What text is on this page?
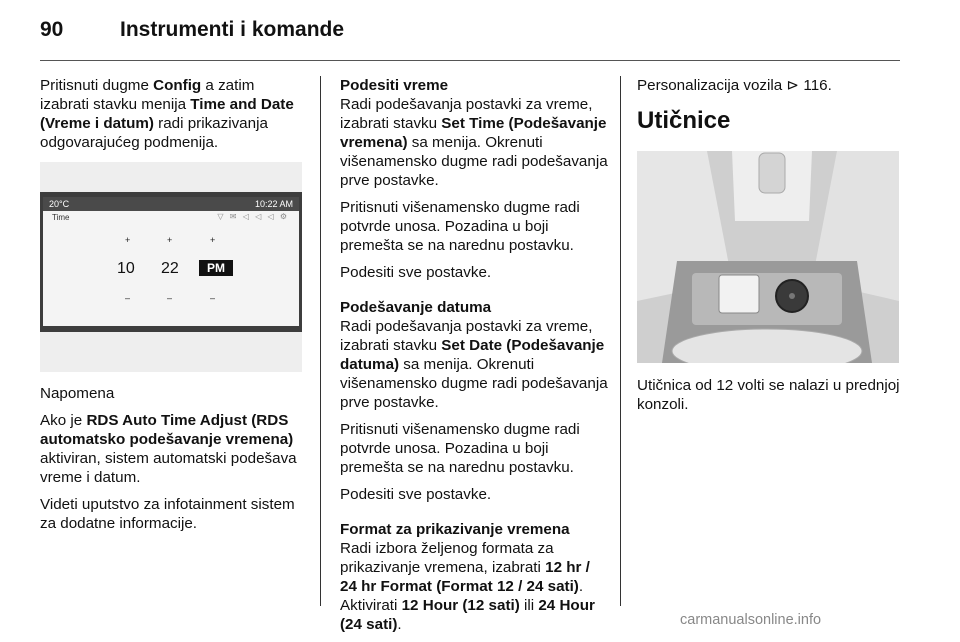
90	Instrumenti i komande

Pritisnuti dugme Config a zatim izabrati stavku menija Time and Date (Vreme i datum) radi prikazivanja odgovarajućeg podmenija.

20°C	10:22 AM
Time	▽ ✉ ◁ ◁ ◁ ⚙
+	+	+
10 22	PM
–	–	–

Napomena

Ako je RDS Auto Time Adjust (RDS automatsko podešavanje vremena) aktiviran, sistem automatski podešava vreme i datum.

Videti uputstvo za infotainment sistem za dodatne informacije.

Podesiti vreme

Radi podešavanja postavki za vreme, izabrati stavku Set Time (Podešavanje vremena) sa menija. Okrenuti višenamensko dugme radi podešavanja prve postavke.

Pritisnuti višenamensko dugme radi potvrde unosa. Pozadina u boji premešta se na narednu postavku.

Podesiti sve postavke.

Podešavanje datuma

Radi podešavanja postavki za vreme, izabrati stavku Set Date (Podešavanje datuma) sa menija. Okrenuti višenamensko dugme radi podešavanja prve postavke.

Pritisnuti višenamensko dugme radi potvrde unosa. Pozadina u boji premešta se na narednu postavku.

Podesiti sve postavke.

Format za prikazivanje vremena

Radi izbora željenog formata za prikazivanje vremena, izabrati 12 hr / 24 hr Format (Format 12 / 24 sati). Aktivirati 12 Hour (12 sati) ili 24 Hour (24 sati).

Personalizacija vozila ⊳ 116.

Utičnice

Utičnica od 12 volti se nalazi u prednjoj konzoli.

carmanualsonline.info
